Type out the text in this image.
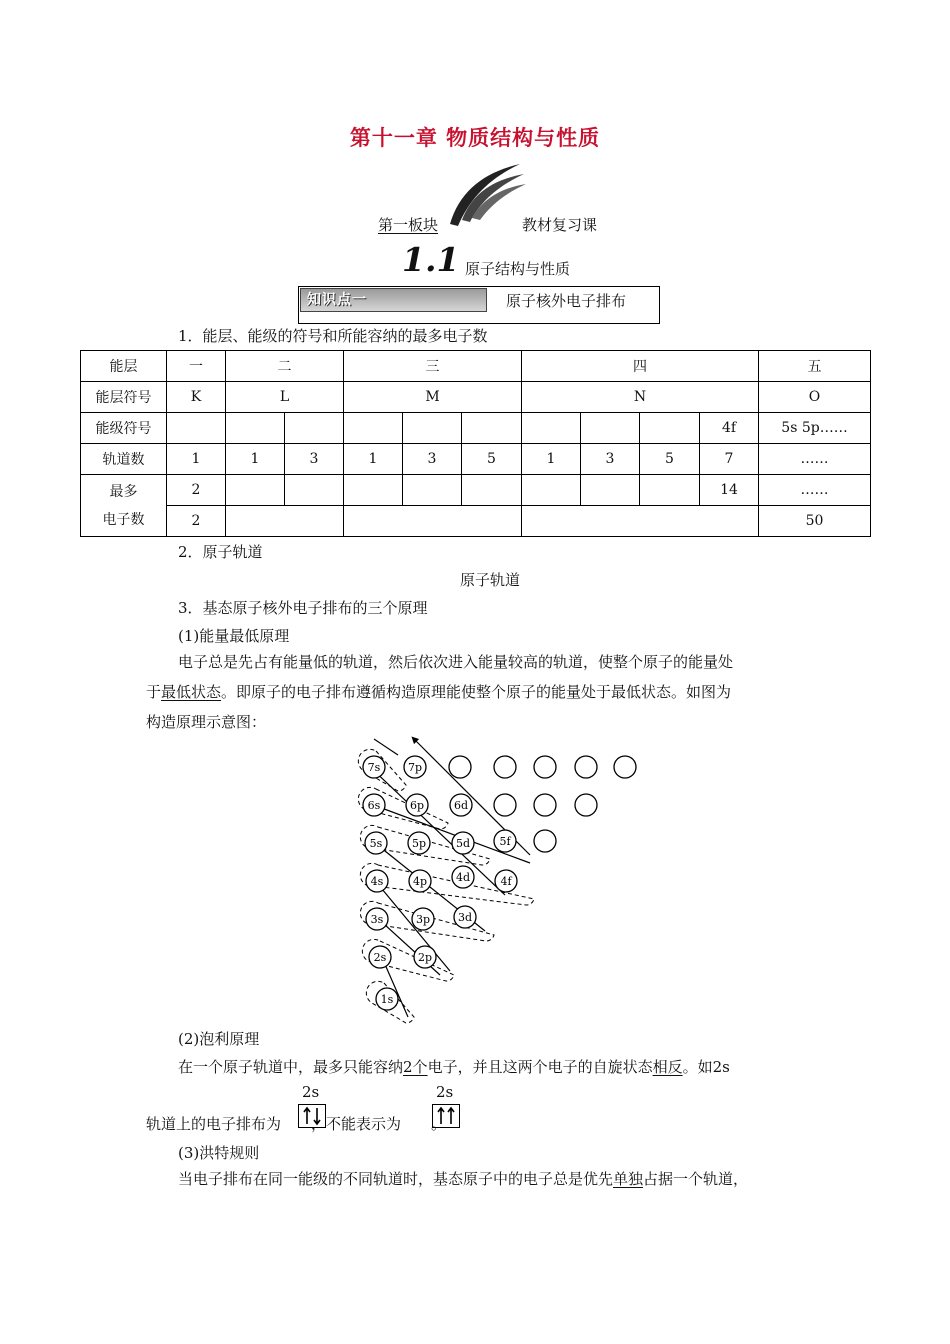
第十一章 物质结构与性质
第一板块	教材复习课
1.1 原子结构与性质
知识点一	原子核外电子排布
1．能层、能级的符号和所能容纳的最多电子数
能层	一	二		三			四				五
能层符号	K	L		M			N				O
能级符号										4f	5s 5p……
轨道数	1	1	3	1	3	5	1	3	5	7	……
最多
电子数	2									14	……
	2										50
2．原子轨道
原子轨道
3．基态原子核外电子排布的三个原理
(1)能量最低原理
电子总是先占有能量低的轨道，然后依次进入能量较高的轨道，使整个原子的能量处
于最低状态。即原子的电子排布遵循构造原理能使整个原子的能量处于最低状态。如图为
构造原理示意图：
1s
2s	2p
3s	3p	3d
4s	4p	4d	4f
5s	5p	5d	5f
6s	6p	6d
7s	7p
(2)泡利原理
在一个原子轨道中，最多只能容纳2个电子，并且这两个电子的自旋状态相反。如2s
2s	2s
轨道上的电子排布为 ，不能表示为 。
(3)洪特规则
当电子排布在同一能级的不同轨道时，基态原子中的电子总是优先单独占据一个轨道，
